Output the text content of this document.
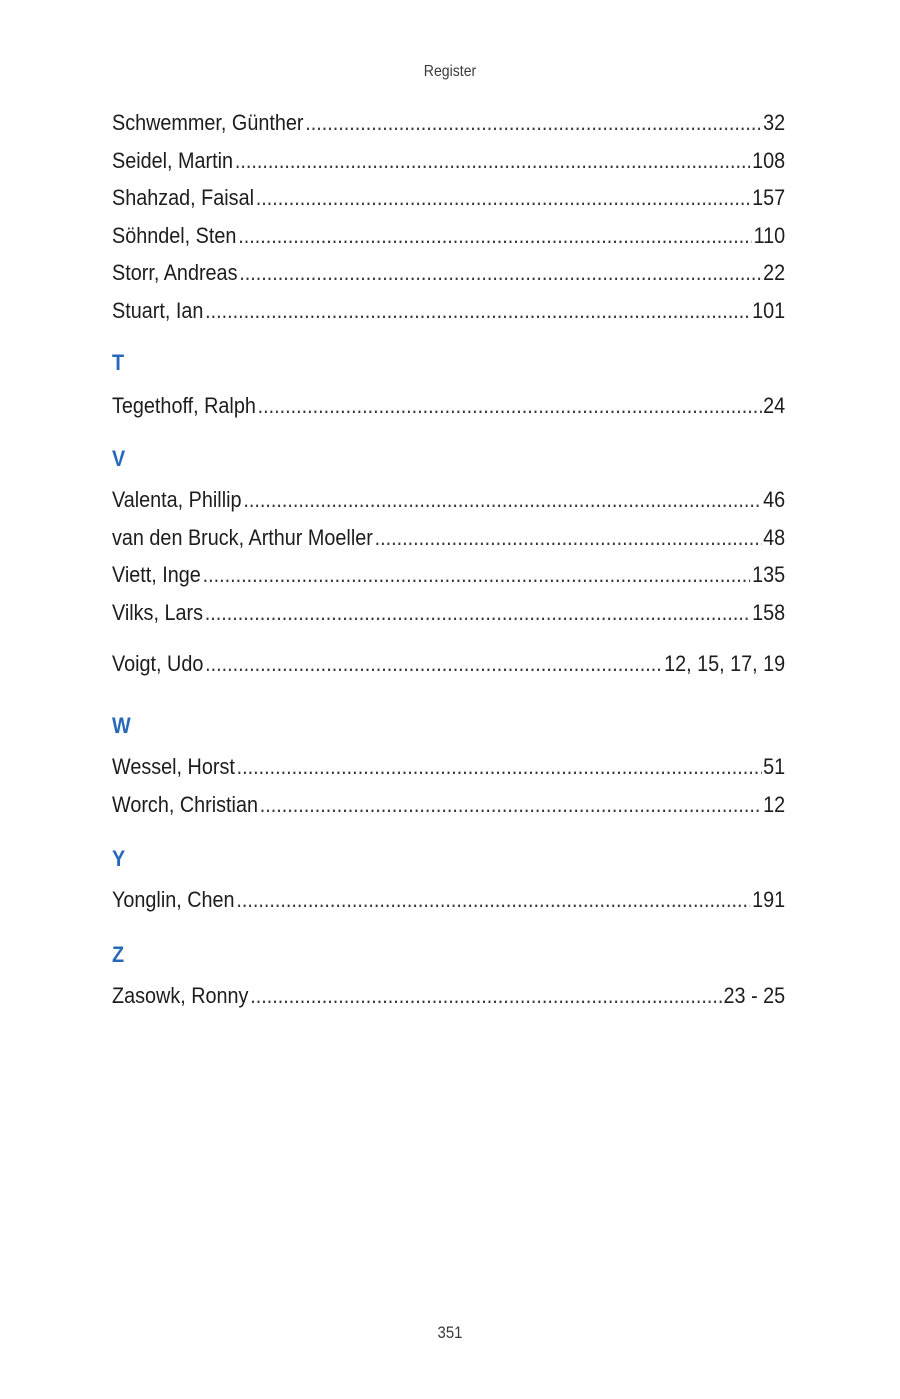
Register
Schwemmer, Günther .....	32
Seidel, Martin .....	108
Shahzad, Faisal .....	157
Söhndel, Sten .....	110
Storr, Andreas .....	22
Stuart, Ian .....	101
T
Tegethoff, Ralph .....	24
V
Valenta, Phillip .....	46
van den Bruck, Arthur Moeller .....	48
Viett, Inge .....	135
Vilks, Lars .....	158
Voigt, Udo .....	12, 15, 17, 19
W
Wessel, Horst .....	51
Worch, Christian .....	12
Y
Yonglin, Chen .....	191
Z
Zasowk, Ronny .....	23 - 25
351
